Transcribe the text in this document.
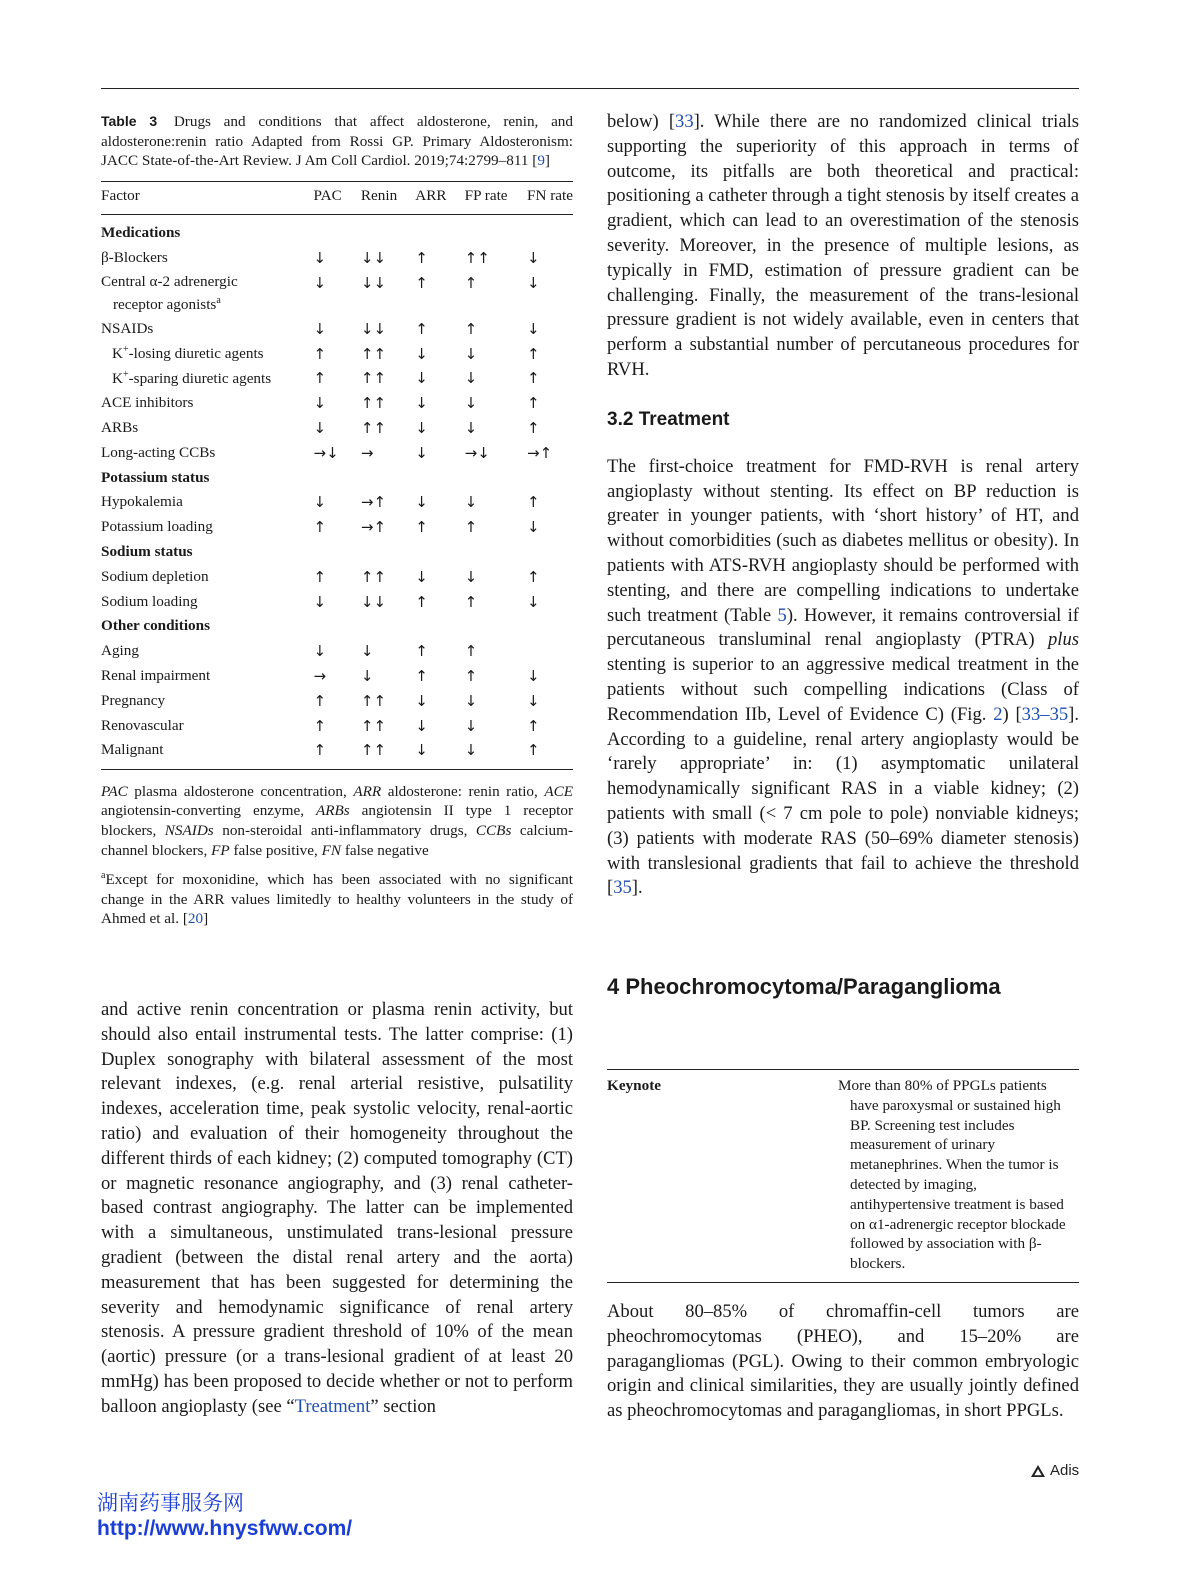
Table 3 Drugs and conditions that affect aldosterone, renin, and aldosterone:renin ratio Adapted from Rossi GP. Primary Aldosteronism: JACC State-of-the-Art Review. J Am Coll Cardiol. 2019;74:2799–811 [9]
Factor	PAC	Renin	ARR	FP rate	FN rate
Medications					
β-Blockers	↓	↓↓	↑	↑↑	↓

Central α-2 adrenergic
receptor agonists$^a$	↓	↓↓	↑	↑	↓
NSAIDs	↓	↓↓	↑	↑	↓
K+-losing diuretic agents	↑	↑↑	↓	↓	↑
K+-sparing diuretic agents	↑	↑↑	↓	↓	↑
ACE inhibitors	↓	↑↑	↓	↓	↑
ARBs	↓	↑↑	↓	↓	↑
Long-acting CCBs	→↓	→	↓	→↓	→↑
Potassium status					
Hypokalemia	↓	→↑	↓	↓	↑
Potassium loading	↑	→↑	↑	↑	↓
Sodium status					
Sodium depletion	↑	↑↑	↓	↓	↑
Sodium loading	↓	↓↓	↑	↑	↓
Other conditions					
Aging	↓	↓	↑	↑	
Renal impairment	→	↓	↑	↑	↓
Pregnancy	↑	↑↑	↓	↓	↓
Renovascular	↑	↑↑	↓	↓	↑
Malignant	↑	↑↑	↓	↓	↑

PAC plasma aldosterone concentration, ARR aldosterone: renin ratio, ACE angiotensin-converting enzyme, ARBs angiotensin II type 1 receptor blockers, NSAIDs non-steroidal anti-inflammatory drugs, CCBs calcium-channel blockers, FP false positive, FN false negative

$^a$Except for moxonidine, which has been associated with no significant change in the ARR values limitedly to healthy volunteers in the study of Ahmed et al. [20]

and active renin concentration or plasma renin activity, but should also entail instrumental tests. The latter comprise: (1) Duplex sonography with bilateral assessment of the most relevant indexes, (e.g. renal arterial resistive, pulsatility indexes, acceleration time, peak systolic velocity, renal-aortic ratio) and evaluation of their homogeneity throughout the different thirds of each kidney; (2) computed tomography (CT) or magnetic resonance angiography, and (3) renal catheter-based contrast angiography. The latter can be implemented with a simultaneous, unstimulated trans-lesional pressure gradient (between the distal renal artery and the aorta) measurement that has been suggested for determining the severity and hemodynamic significance of renal artery stenosis. A pressure gradient threshold of 10% of the mean (aortic) pressure (or a trans-lesional gradient of at least 20 mmHg) has been proposed to decide whether or not to perform balloon angioplasty (see “Treatment” section

below) [33]. While there are no randomized clinical trials supporting the superiority of this approach in terms of outcome, its pitfalls are both theoretical and practical: positioning a catheter through a tight stenosis by itself creates a gradient, which can lead to an overestimation of the stenosis severity. Moreover, in the presence of multiple lesions, as typically in FMD, estimation of pressure gradient can be challenging. Finally, the measurement of the trans-lesional pressure gradient is not widely available, even in centers that perform a substantial number of percutaneous procedures for RVH.

3.2 Treatment

The first-choice treatment for FMD-RVH is renal artery angioplasty without stenting. Its effect on BP reduction is greater in younger patients, with ‘short history’ of HT, and without comorbidities (such as diabetes mellitus or obesity). In patients with ATS-RVH angioplasty should be performed with stenting, and there are compelling indications to undertake such treatment (Table 5). However, it remains controversial if percutaneous transluminal renal angioplasty (PTRA) plus stenting is superior to an aggressive medical treatment in the patients without such compelling indications (Class of Recommendation IIb, Level of Evidence C) (Fig. 2) [33–35]. According to a guideline, renal artery angioplasty would be ‘rarely appropriate’ in: (1) asymptomatic unilateral hemodynamically significant RAS in a viable kidney; (2) patients with small (< 7 cm pole to pole) nonviable kidneys; (3) patients with moderate RAS (50–69% diameter stenosis) with translesional gradients that fail to achieve the threshold [35].

4 Pheochromocytoma/Paraganglioma
Keynote	More than 80% of PPGLs patients have paroxysmal or sustained high BP. Screening test includes measurement of urinary metanephrines. When the tumor is detected by imaging, antihypertensive treatment is based on α1-adrenergic receptor blockade followed by association with β-blockers.

About 80–85% of chromaffin-cell tumors are pheochromocytomas (PHEO), and 15–20% are paragangliomas (PGL). Owing to their common embryologic origin and clinical similarities, they are usually jointly defined as pheochromocytomas and paragangliomas, in short PPGLs.

Adis
湖南药事服务网
http://www.hnysfww.com/
